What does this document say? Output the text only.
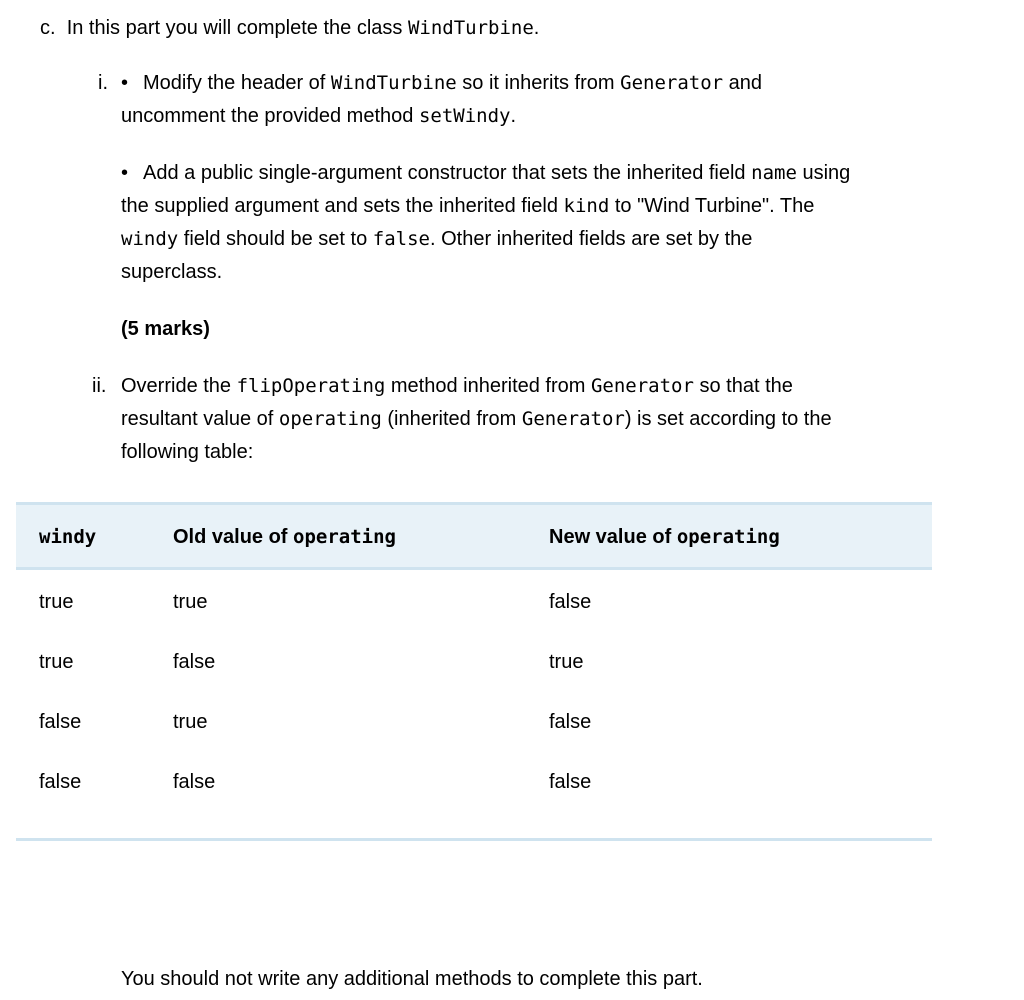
c. In this part you will complete the class WindTurbine.
i. • Modify the header of WindTurbine so it inherits from Generator and
uncomment the provided method setWindy.
• Add a public single-argument constructor that sets the inherited field name using
the supplied argument and sets the inherited field kind to "Wind Turbine". The
windy field should be set to false. Other inherited fields are set by the
superclass.
(5 marks)
ii. Override the flipOperating method inherited from Generator so that the
resultant value of operating (inherited from Generator) is set according to the
following table:
windy	Old value of operating	New value of operating
true	true	false
true	false	true
false	true	false
false	false	false
You should not write any additional methods to complete this part.
